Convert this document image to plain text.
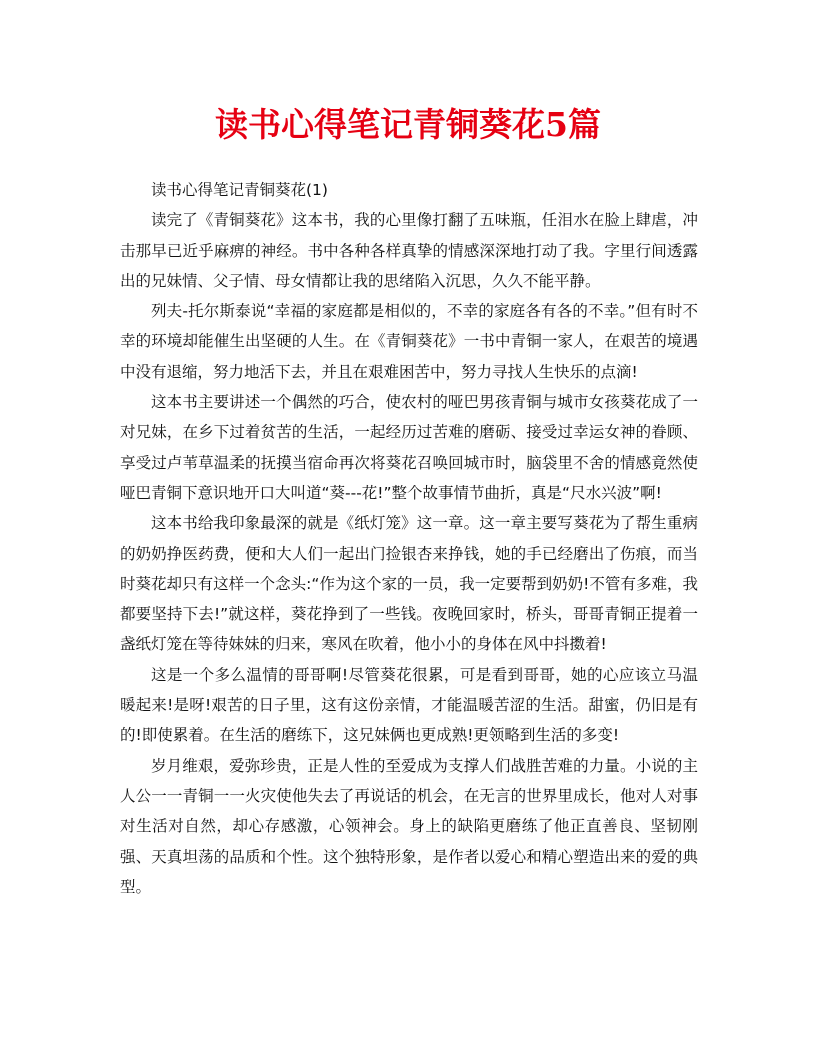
读书心得笔记青铜葵花5篇

读书心得笔记青铜葵花(1)

读完了《青铜葵花》这本书，我的心里像打翻了五味瓶，任泪水在脸上肆虐，冲击那早已近乎麻痹的神经。书中各种各样真挚的情感深深地打动了我。字里行间透露出的兄妹情、父子情、母女情都让我的思绪陷入沉思，久久不能平静。

列夫-托尔斯泰说“幸福的家庭都是相似的，不幸的家庭各有各的不幸。”但有时不幸的环境却能催生出坚硬的人生。在《青铜葵花》一书中青铜一家人，在艰苦的境遇中没有退缩，努力地活下去，并且在艰难困苦中，努力寻找人生快乐的点滴!

这本书主要讲述一个偶然的巧合，使农村的哑巴男孩青铜与城市女孩葵花成了一对兄妹，在乡下过着贫苦的生活，一起经历过苦难的磨砺、接受过幸运女神的眷顾、享受过卢苇草温柔的抚摸当宿命再次将葵花召唤回城市时，脑袋里不舍的情感竟然使哑巴青铜下意识地开口大叫道“葵---花!”整个故事情节曲折，真是“尺水兴波”啊!

这本书给我印象最深的就是《纸灯笼》这一章。这一章主要写葵花为了帮生重病的奶奶挣医药费，便和大人们一起出门捡银杏来挣钱，她的手已经磨出了伤痕，而当时葵花却只有这样一个念头:“作为这个家的一员，我一定要帮到奶奶!不管有多难，我都要坚持下去!”就这样，葵花挣到了一些钱。夜晚回家时，桥头，哥哥青铜正提着一盏纸灯笼在等待妹妹的归来，寒风在吹着，他小小的身体在风中抖擞着!

这是一个多么温情的哥哥啊!尽管葵花很累，可是看到哥哥，她的心应该立马温暖起来!是呀!艰苦的日子里，这有这份亲情，才能温暖苦涩的生活。甜蜜，仍旧是有的!即使累着。在生活的磨练下，这兄妹俩也更成熟!更领略到生活的多变!

岁月维艰，爱弥珍贵，正是人性的至爱成为支撑人们战胜苦难的力量。小说的主人公一一青铜一一火灾使他失去了再说话的机会，在无言的世界里成长，他对人对事对生活对自然，却心存感激，心领神会。身上的缺陷更磨练了他正直善良、坚韧刚强、天真坦荡的品质和个性。这个独特形象，是作者以爱心和精心塑造出来的爱的典型。
